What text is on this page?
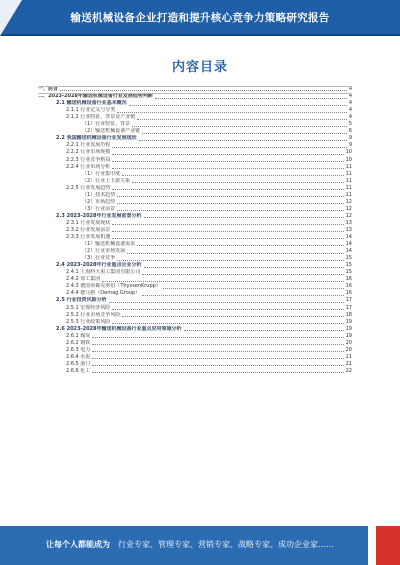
输送机械设备企业打造和提升核心竞争力策略研究报告
内容目录
一、前言	4
二、2023-2028年输送机械设备行业发展趋势判断	4
2.1 输送机械设备行业基本概况	4
2.1.1 行业定义与分类	4
2.1.2 行业特征、背景及产业链	4
（1）行业特征、背景	5
（2）输送机械设备产业链	6
2.2 我国输送机械设备行业发展现状	9
2.2.1 行业发展历程	9
2.2.2 行业市场规模	10
2.2.3 行业竞争格局	10
2.2.4 行业市场分析	11
（1）行业集中度	11
（2）行业上下游关系	11
2.2.5 行业发展趋势	11
（1）技术趋势	11
（2）市场趋势	12
（3）行业前景	12
2.3 2023-2028年行业发展前景分析	12
2.3.1 行业发展现状	13
2.3.2 行业发展前景	13
2.3.3 行业发展机遇	14
（1）输送机械设备需求	14
（2）行业市场发展	14
（3）行业竞争	15
2.4 2023-2028年行业重点企业分析	15
2.4.1 上海科大重工集团有限公司	15
2.4.2 徐工集团	16
2.4.3 德国蒂森克虏伯（ThyssenKrupp）	16
2.4.4 德马格（Demag Group）	16
2.5 行业投资风险分析	17
2.5.1 宏观经济风险	17
2.5.2 行业市场竞争风险	18
2.5.3 行业政策风险	19
2.6 2023-2028年输送机械设备行业重点应用领域分析	19
2.6.1 煤炭	19
2.6.2 钢铁	20
2.6.3 电力	20
2.6.4 水泥	21
2.6.5 港口	21
2.6.6 化工	22
让每个人都能成为 行业专家、管理专家、营销专家、战略专家、成功企业家……
